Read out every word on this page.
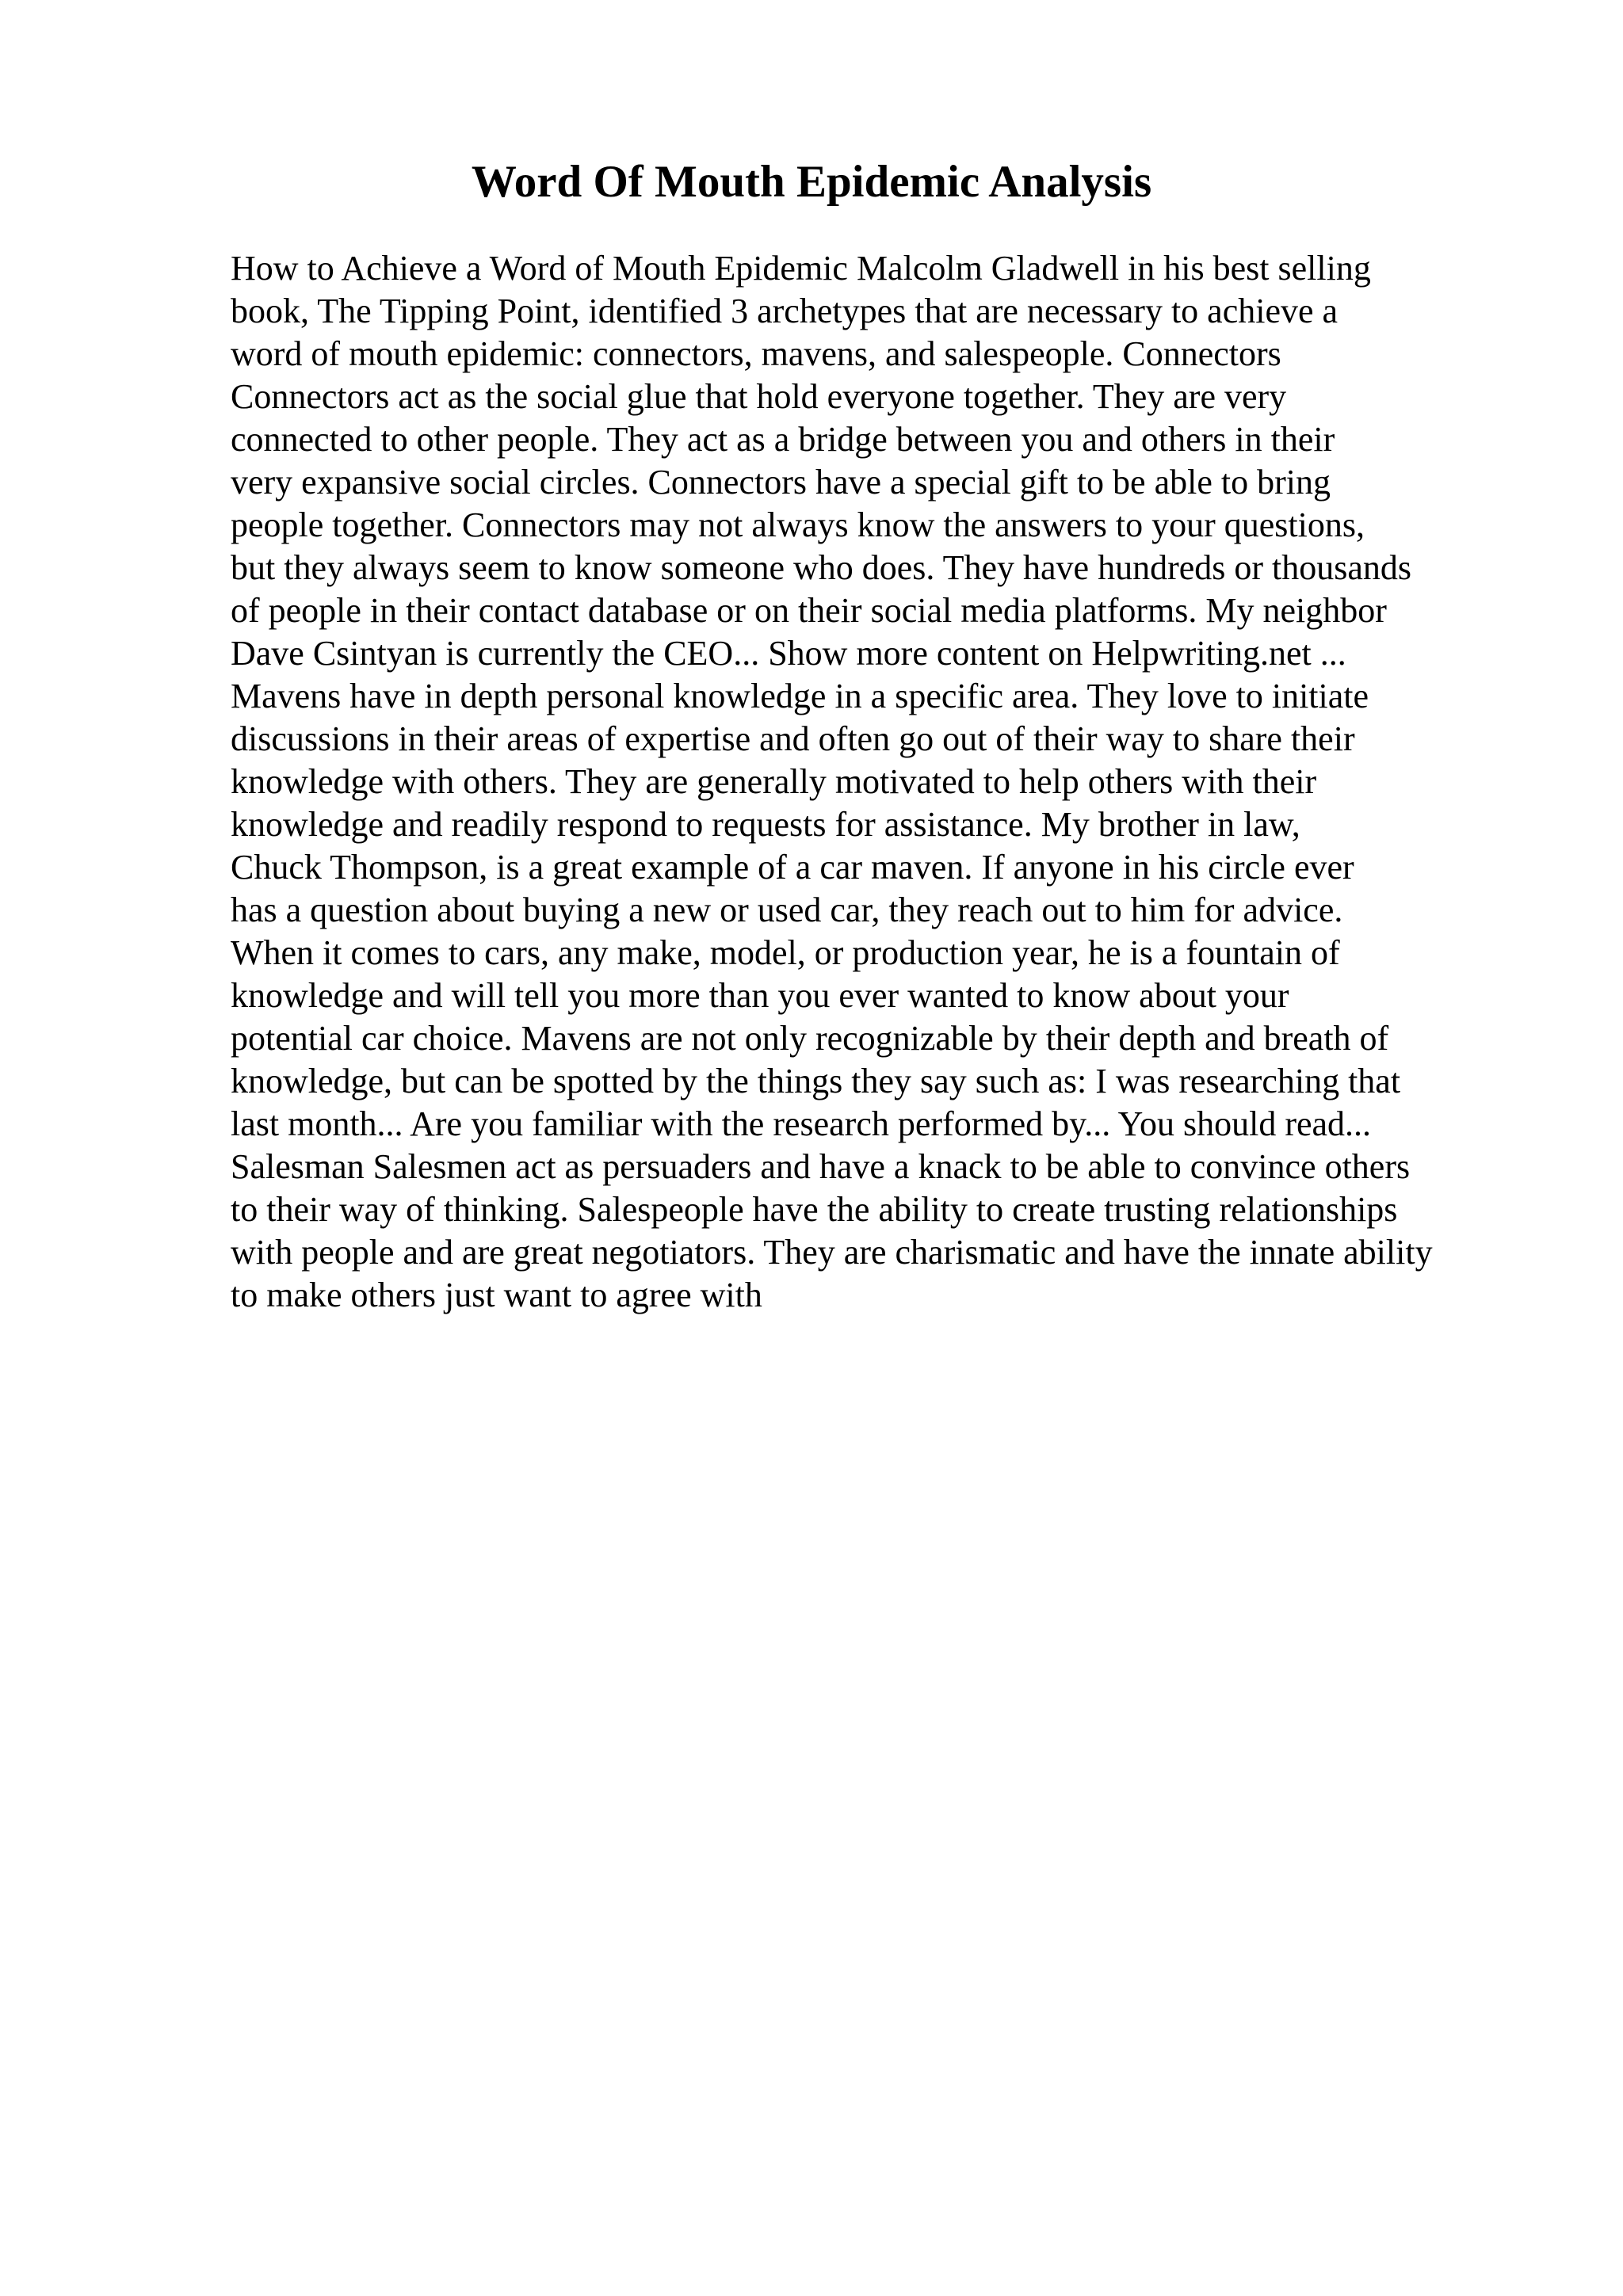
Word Of Mouth Epidemic Analysis
How to Achieve a Word of Mouth Epidemic Malcolm Gladwell in his best selling
book, The Tipping Point, identified 3 archetypes that are necessary to achieve a
word of mouth epidemic: connectors, mavens, and salespeople. Connectors
Connectors act as the social glue that hold everyone together. They are very
connected to other people. They act as a bridge between you and others in their
very expansive social circles. Connectors have a special gift to be able to bring
people together. Connectors may not always know the answers to your questions,
but they always seem to know someone who does. They have hundreds or thousands
of people in their contact database or on their social media platforms. My neighbor
Dave Csintyan is currently the CEO... Show more content on Helpwriting.net ...
Mavens have in depth personal knowledge in a specific area. They love to initiate
discussions in their areas of expertise and often go out of their way to share their
knowledge with others. They are generally motivated to help others with their
knowledge and readily respond to requests for assistance. My brother in law,
Chuck Thompson, is a great example of a car maven. If anyone in his circle ever
has a question about buying a new or used car, they reach out to him for advice.
When it comes to cars, any make, model, or production year, he is a fountain of
knowledge and will tell you more than you ever wanted to know about your
potential car choice. Mavens are not only recognizable by their depth and breath of
knowledge, but can be spotted by the things they say such as: I was researching that
last month... Are you familiar with the research performed by... You should read...
Salesman Salesmen act as persuaders and have a knack to be able to convince others
to their way of thinking. Salespeople have the ability to create trusting relationships
with people and are great negotiators. They are charismatic and have the innate ability
to make others just want to agree with
